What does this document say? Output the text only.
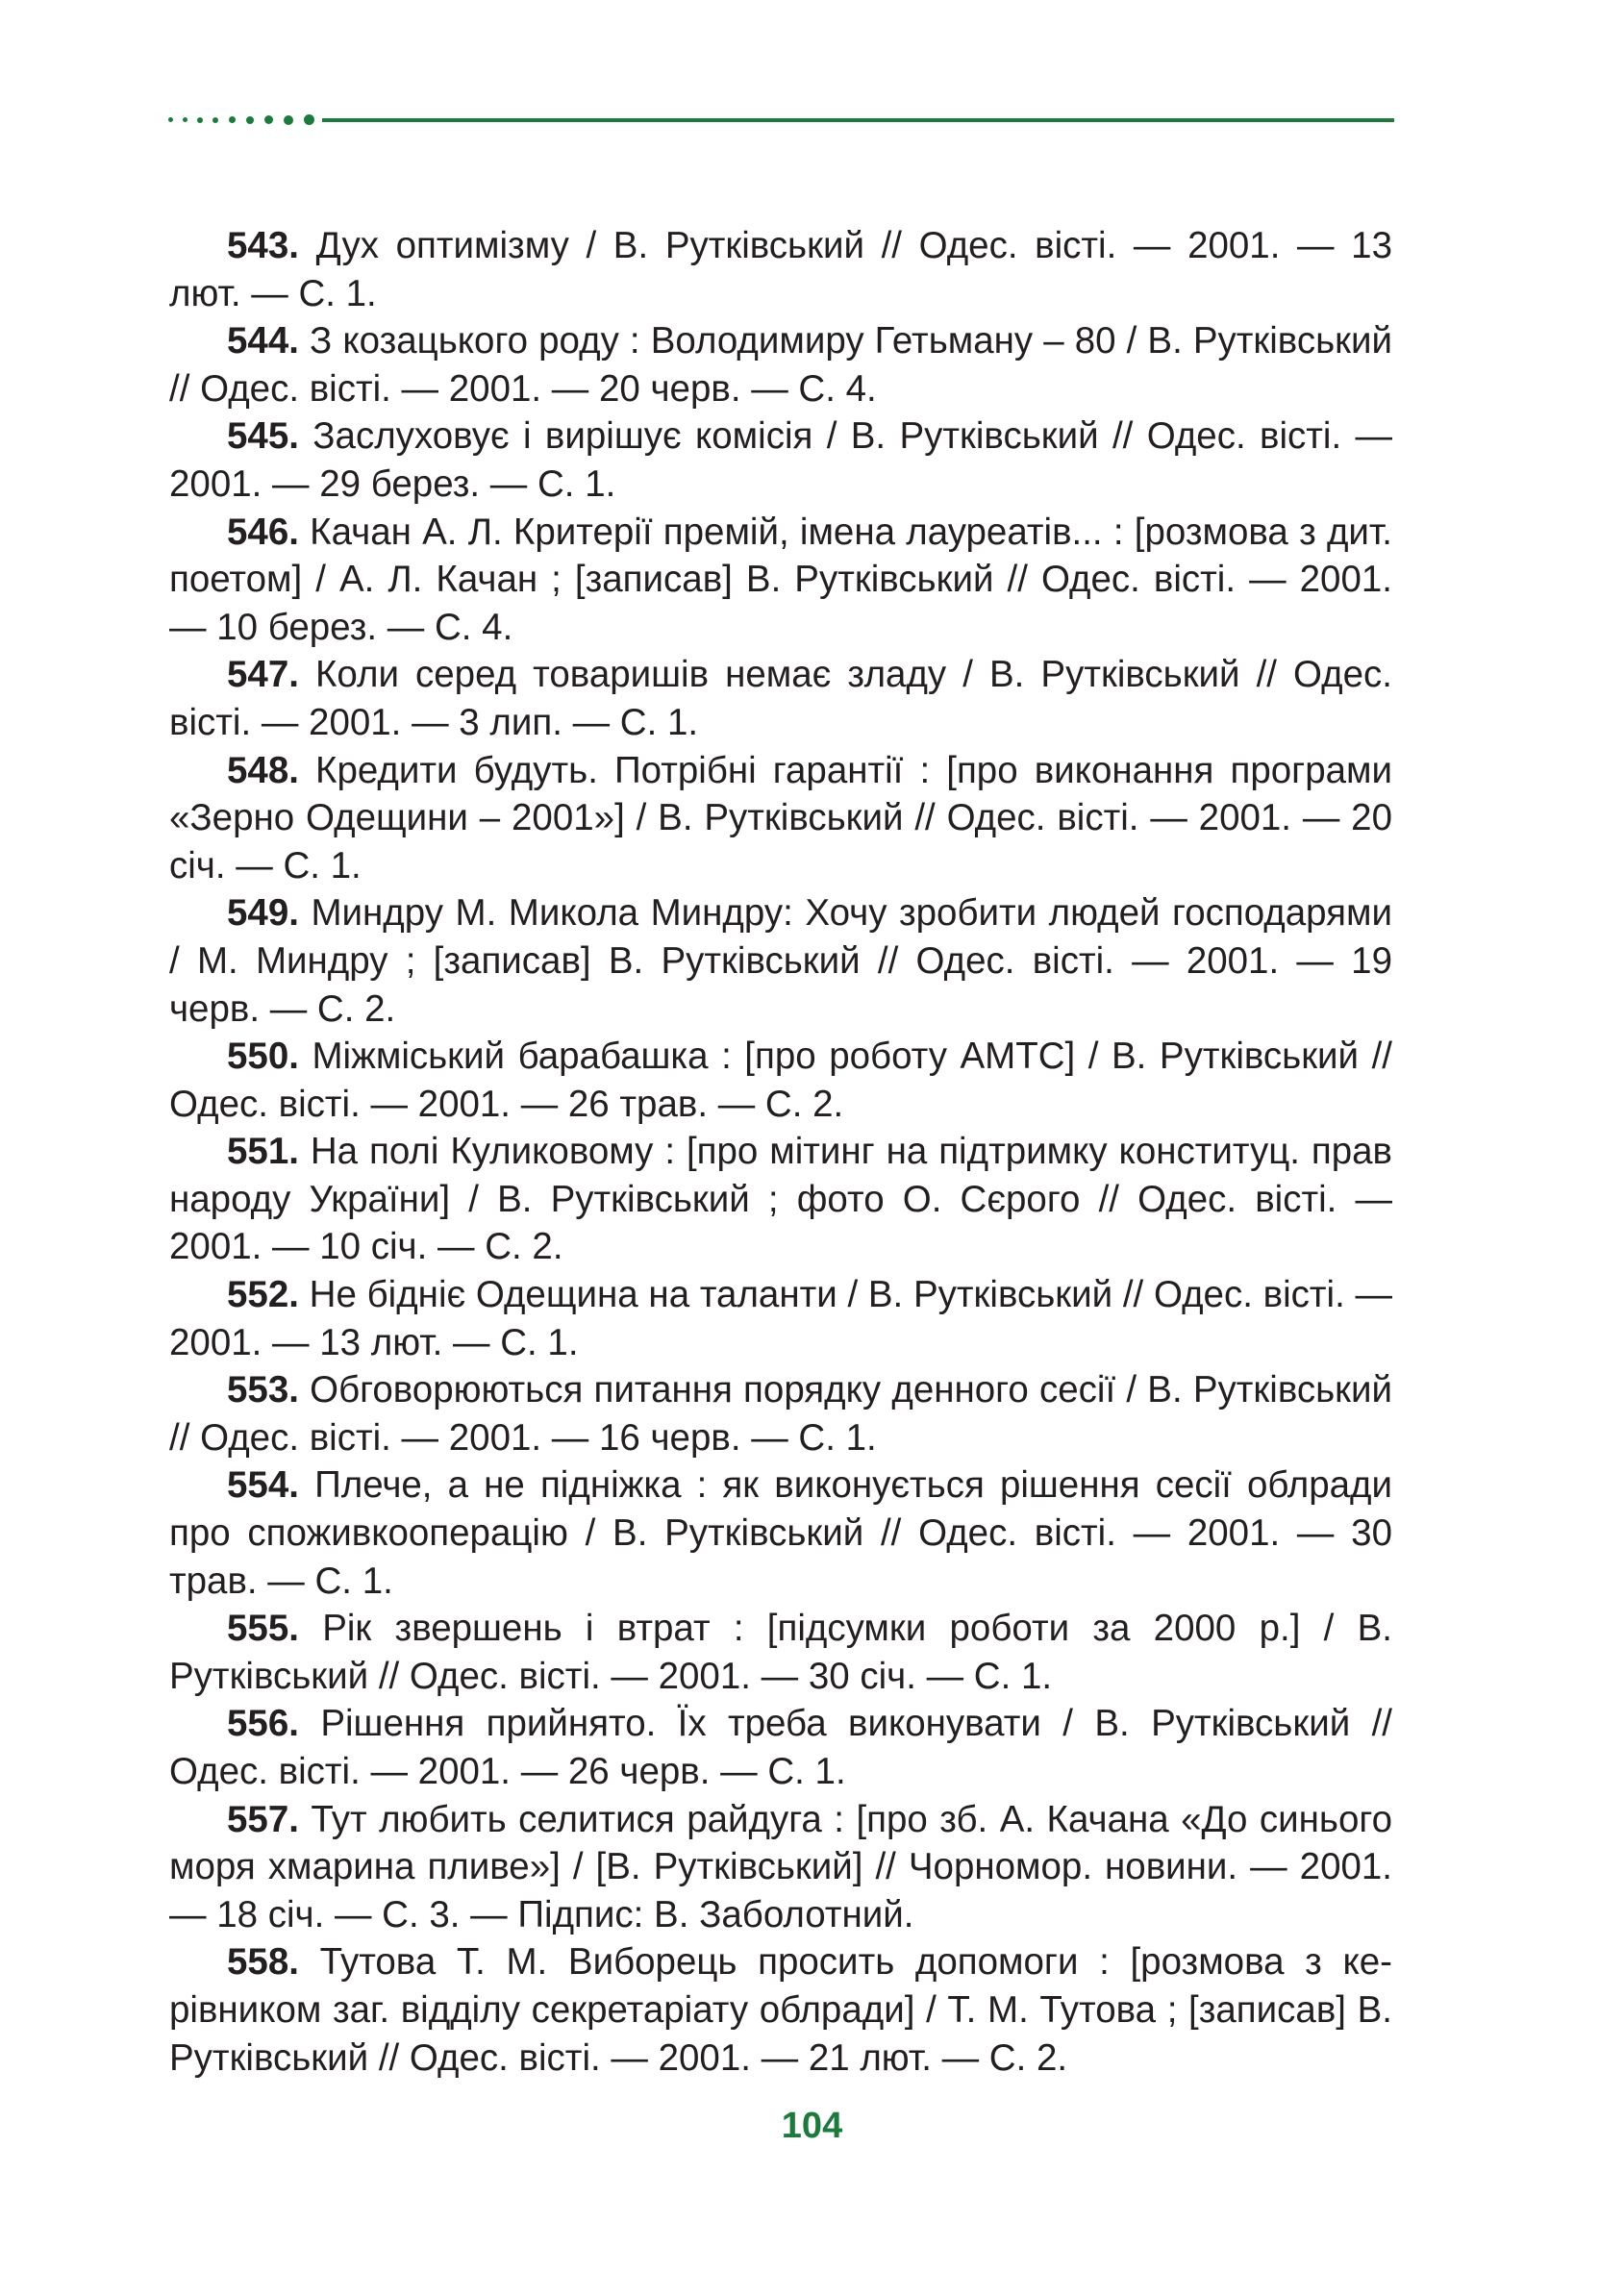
543. Дух оптимізму / В. Рутківський // Одес. вісті. — 2001. — 13 лют. — С. 1.

544. З козацького роду : Володимиру Гетьману – 80 / В. Рутківський // Одес. вісті. — 2001. — 20 черв. — С. 4.

545. Заслуховує і вирішує комісія / В. Рутківський // Одес. вісті. — 2001. — 29 берез. — С. 1.

546. Качан А. Л. Критерії премій, імена лауреатів... : [розмова з дит. поетом] / А. Л. Качан ; [записав] В. Рутківський // Одес. вісті. — 2001. — 10 берез. — С. 4.

547. Коли серед товаришів немає зладу / В. Рутківський // Одес. вісті. — 2001. — 3 лип. — С. 1.

548. Кредити будуть. Потрібні гарантії : [про виконання програми «Зерно Одещини – 2001»] / В. Рутківський // Одес. вісті. — 2001. — 20 січ. — С. 1.

549. Миндру М. Микола Миндру: Хочу зробити людей господарями / М. Миндру ; [записав] В. Рутківський // Одес. вісті. — 2001. — 19 черв. — С. 2.

550. Міжміський барабашка : [про роботу АМТС] / В. Рутківський // Одес. вісті. — 2001. — 26 трав. — С. 2.

551. На полі Куликовому : [про мітинг на підтримку конституц. прав народу України] / В. Рутківський ; фото О. Сєрого // Одес. вісті. — 2001. — 10 січ. — С. 2.

552. Не бідніє Одещина на таланти / В. Рутківський // Одес. вісті. — 2001. — 13 лют. — С. 1.

553. Обговорюються питання порядку денного сесії / В. Рутківський // Одес. вісті. — 2001. — 16 черв. — С. 1.

554. Плече, а не підніжка : як виконується рішення сесії облради про споживкооперацію / В. Рутківський // Одес. вісті. — 2001. — 30 трав. — С. 1.

555. Рік звершень і втрат : [підсумки роботи за 2000 р.] / В. Рутківський // Одес. вісті. — 2001. — 30 січ. — С. 1.

556. Рішення прийнято. Їх треба виконувати / В. Рутківський // Одес. вісті. — 2001. — 26 черв. — С. 1.

557. Тут любить селитися райдуга : [про зб. А. Качана «До синього моря хмарина пливе»] / [В. Рутківський] // Чорномор. новини. — 2001. — 18 січ. — С. 3. — Підпис: В. Заболотний.

558. Тутова Т. М. Виборець просить допомоги : [розмова з керівником заг. відділу секретаріату облради] / Т. М. Тутова ; [записав] В. Рутківський // Одес. вісті. — 2001. — 21 лют. — С. 2.

104
